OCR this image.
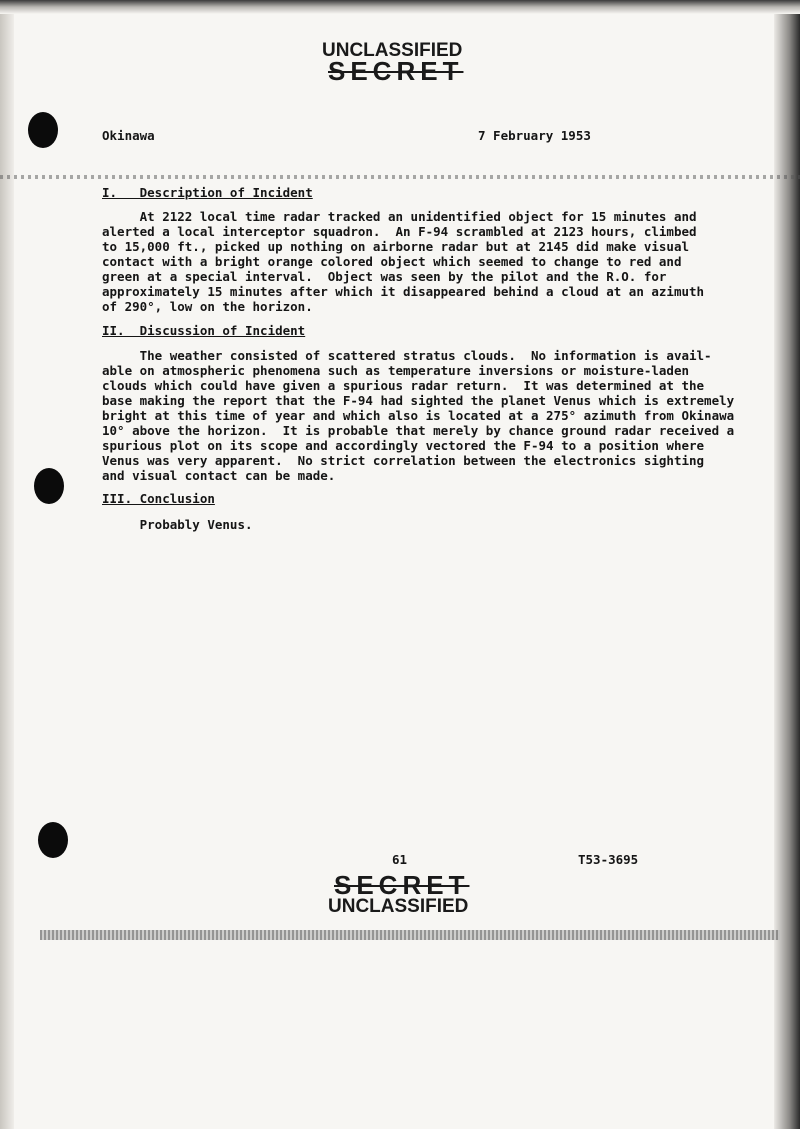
UNCLASSIFIED
SECRET
Okinawa	7 February 1953
I.   Description of Incident
At 2122 local time radar tracked an unidentified object for 15 minutes and
alerted a local interceptor squadron.  An F-94 scrambled at 2123 hours, climbed
to 15,000 ft., picked up nothing on airborne radar but at 2145 did make visual
contact with a bright orange colored object which seemed to change to red and
green at a special interval.  Object was seen by the pilot and the R.O. for
approximately 15 minutes after which it disappeared behind a cloud at an azimuth
of 290°, low on the horizon.
II.  Discussion of Incident
The weather consisted of scattered stratus clouds.  No information is avail-
able on atmospheric phenomena such as temperature inversions or moisture-laden
clouds which could have given a spurious radar return.  It was determined at the
base making the report that the F-94 had sighted the planet Venus which is extremely
bright at this time of year and which also is located at a 275° azimuth from Okinawa
10° above the horizon.  It is probable that merely by chance ground radar received a
spurious plot on its scope and accordingly vectored the F-94 to a position where
Venus was very apparent.  No strict correlation between the electronics sighting
and visual contact can be made.
III. Conclusion
Probably Venus.
61	T53-3695
SECRET
UNCLASSIFIED
